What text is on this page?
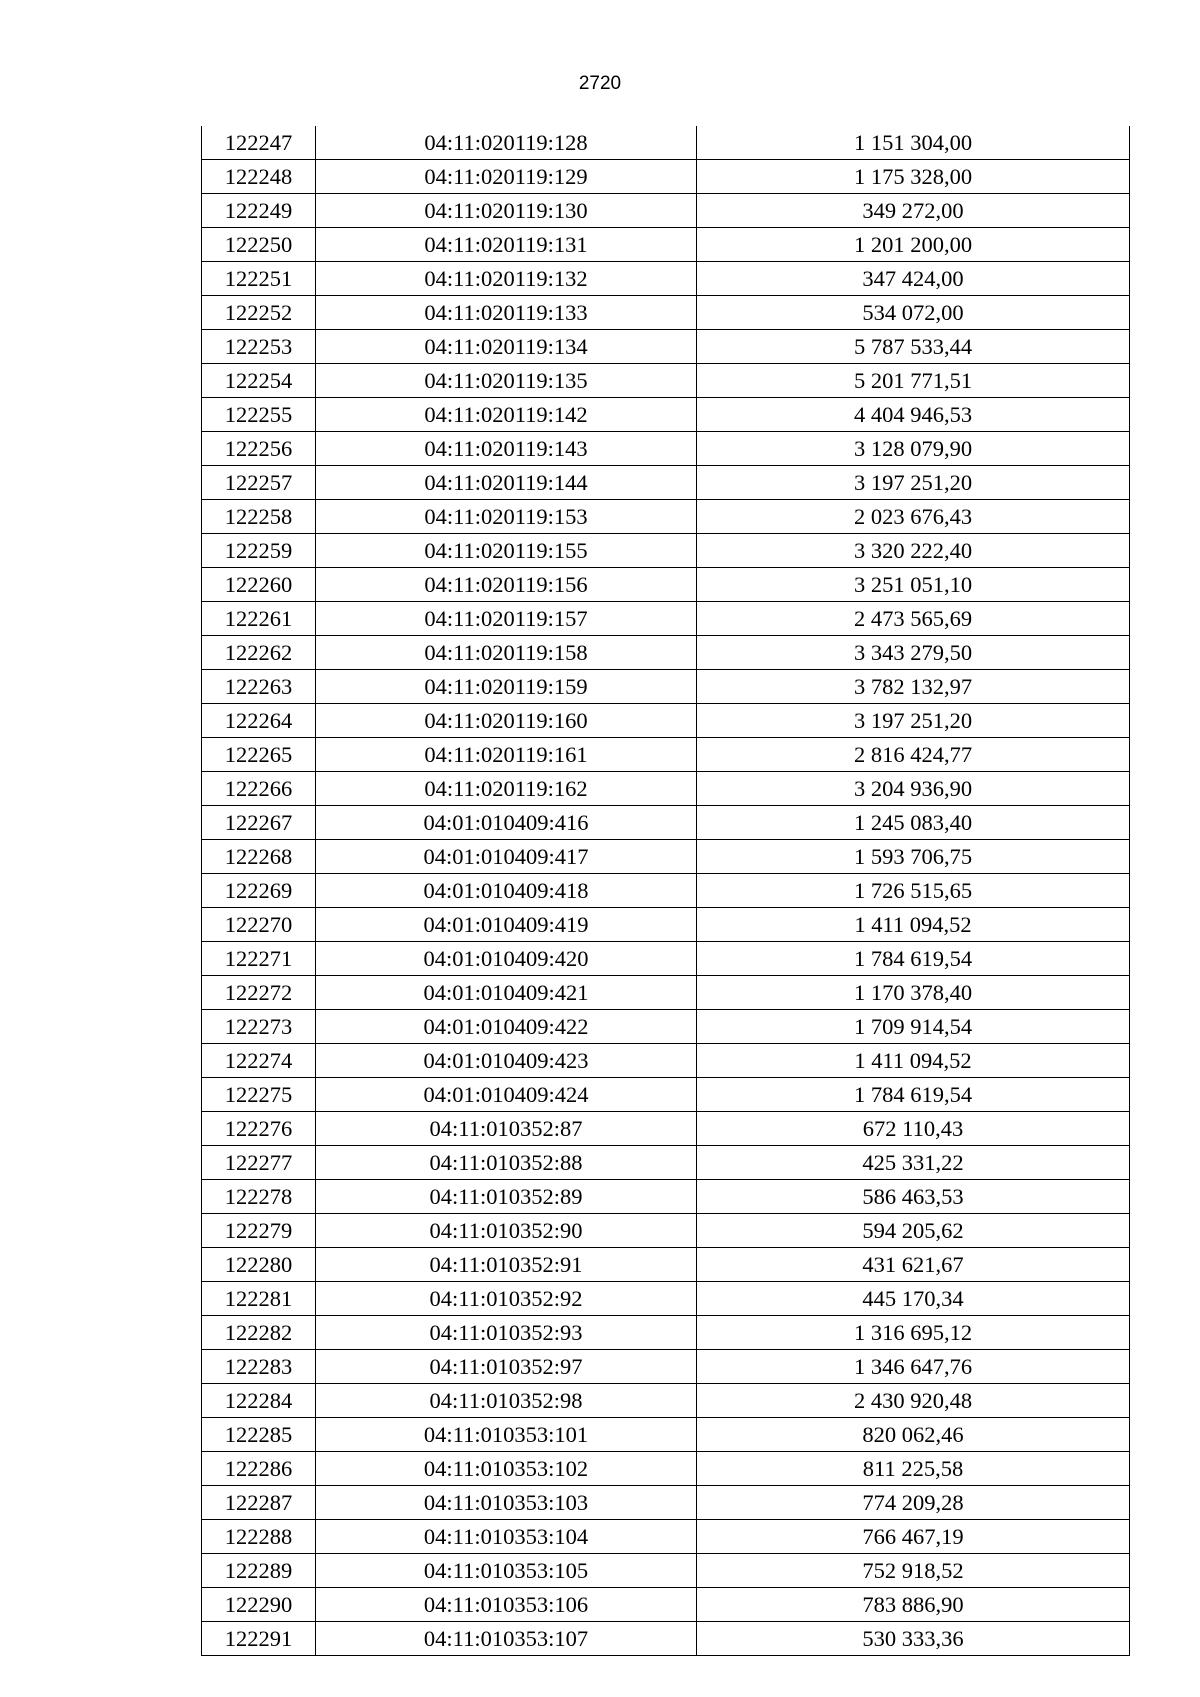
2720
122247	04:11:020119:128	1 151 304,00
122248	04:11:020119:129	1 175 328,00
122249	04:11:020119:130	349 272,00
122250	04:11:020119:131	1 201 200,00
122251	04:11:020119:132	347 424,00
122252	04:11:020119:133	534 072,00
122253	04:11:020119:134	5 787 533,44
122254	04:11:020119:135	5 201 771,51
122255	04:11:020119:142	4 404 946,53
122256	04:11:020119:143	3 128 079,90
122257	04:11:020119:144	3 197 251,20
122258	04:11:020119:153	2 023 676,43
122259	04:11:020119:155	3 320 222,40
122260	04:11:020119:156	3 251 051,10
122261	04:11:020119:157	2 473 565,69
122262	04:11:020119:158	3 343 279,50
122263	04:11:020119:159	3 782 132,97
122264	04:11:020119:160	3 197 251,20
122265	04:11:020119:161	2 816 424,77
122266	04:11:020119:162	3 204 936,90
122267	04:01:010409:416	1 245 083,40
122268	04:01:010409:417	1 593 706,75
122269	04:01:010409:418	1 726 515,65
122270	04:01:010409:419	1 411 094,52
122271	04:01:010409:420	1 784 619,54
122272	04:01:010409:421	1 170 378,40
122273	04:01:010409:422	1 709 914,54
122274	04:01:010409:423	1 411 094,52
122275	04:01:010409:424	1 784 619,54
122276	04:11:010352:87	672 110,43
122277	04:11:010352:88	425 331,22
122278	04:11:010352:89	586 463,53
122279	04:11:010352:90	594 205,62
122280	04:11:010352:91	431 621,67
122281	04:11:010352:92	445 170,34
122282	04:11:010352:93	1 316 695,12
122283	04:11:010352:97	1 346 647,76
122284	04:11:010352:98	2 430 920,48
122285	04:11:010353:101	820 062,46
122286	04:11:010353:102	811 225,58
122287	04:11:010353:103	774 209,28
122288	04:11:010353:104	766 467,19
122289	04:11:010353:105	752 918,52
122290	04:11:010353:106	783 886,90
122291	04:11:010353:107	530 333,36
